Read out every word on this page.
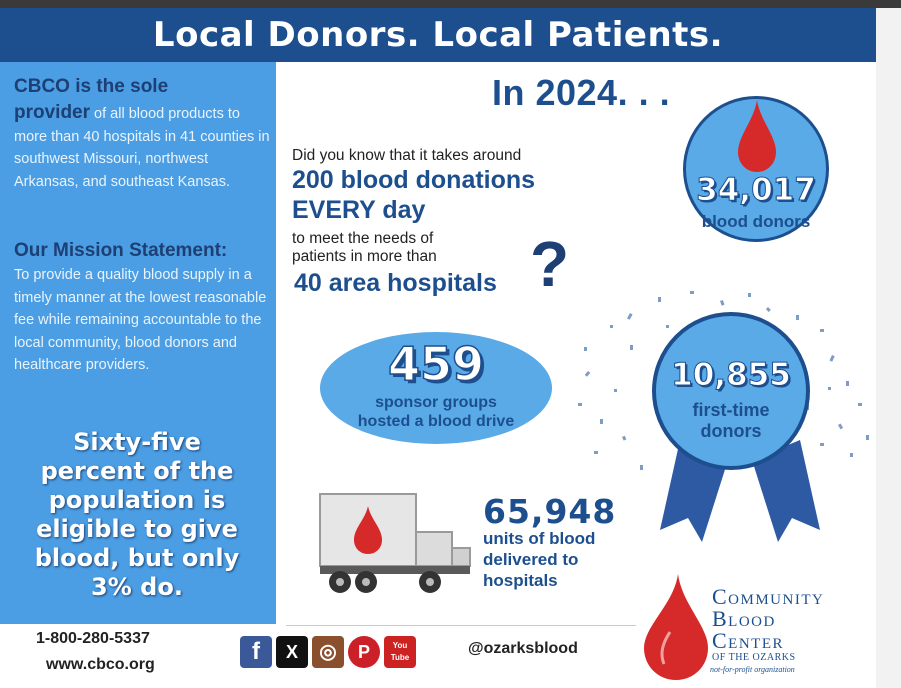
Local Donors. Local Patients.
CBCO is the sole
provider of all blood products to more than 40 hospitals in 41 counties in southwest Missouri, northwest Arkansas, and southeast Kansas.
Our Mission Statement:
To provide a quality blood supply in a timely manner at the lowest reasonable fee while remaining accountable to the local community, blood donors and healthcare providers.
Sixty-five
percent of the
population is
eligible to give
blood, but only
3% do.
In 2024. . .
Did you know that it takes around
200 blood donations
EVERY day
to meet the needs of
patients in more than
40 area hospitals ?
459
sponsor groups
hosted a blood drive
10,855
first-time
donors
34,017
blood donors
65,948
units of blood
delivered to
hospitals
1-800-280-5337
www.cbco.org	f	X	◎	P	You Tube
@ozarksblood
Community
Blood
Center
OF THE OZARKS
not-for-profit organization
